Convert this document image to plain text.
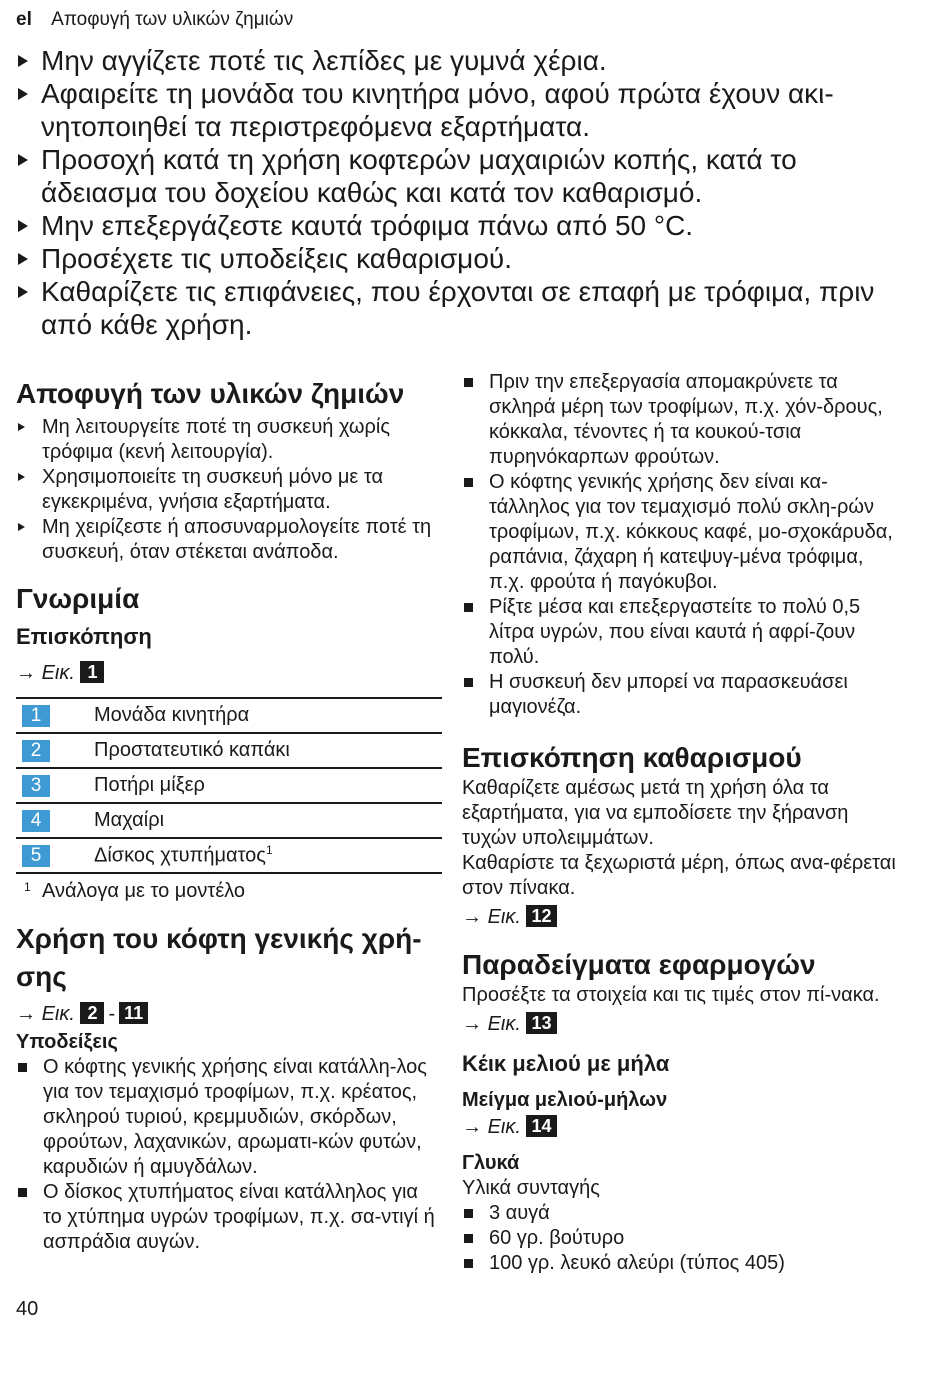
el Αποφυγή των υλικών ζημιών
Μην αγγίζετε ποτέ τις λεπίδες με γυμνά χέρια.
Αφαιρείτε τη μονάδα του κινητήρα μόνο, αφού πρώτα έχουν ακι-νητοποιηθεί τα περιστρεφόμενα εξαρτήματα.
Προσοχή κατά τη χρήση κοφτερών μαχαιριών κοπής, κατά το άδειασμα του δοχείου καθώς και κατά τον καθαρισμό.
Μην επεξεργάζεστε καυτά τρόφιμα πάνω από 50 °C.
Προσέχετε τις υποδείξεις καθαρισμού.
Καθαρίζετε τις επιφάνειες, που έρχονται σε επαφή με τρόφιμα, πριν από κάθε χρήση.
Αποφυγή των υλικών ζημιών
Μη λειτουργείτε ποτέ τη συσκευή χωρίς τρόφιμα (κενή λειτουργία).
Χρησιμοποιείτε τη συσκευή μόνο με τα εγκεκριμένα, γνήσια εξαρτήματα.
Μη χειρίζεστε ή αποσυναρμολογείτε ποτέ τη συσκευή, όταν στέκεται ανάποδα.
Γνωριμία
Επισκόπηση
→ Εικ. 1
1	Μονάδα κινητήρα
2	Προστατευτικό καπάκι
3	Ποτήρι μίξερ
4	Μαχαίρι
5	Δίσκος χτυπήματος$^1$
1 Ανάλογα με το μοντέλο
Χρήση του κόφτη γενικής χρή-σης
→ Εικ. 2 - 11
Υποδείξεις
Ο κόφτης γενικής χρήσης είναι κατάλλη-λος για τον τεμαχισμό τροφίμων, π.χ. κρέατος, σκληρού τυριού, κρεμμυδιών, σκόρδων, φρούτων, λαχανικών, αρωματι-κών φυτών, καρυδιών ή αμυγδάλων.
Ο δίσκος χτυπήματος είναι κατάλληλος για το χτύπημα υγρών τροφίμων, π.χ. σα-ντιγί ή ασπράδια αυγών.
Πριν την επεξεργασία απομακρύνετε τα σκληρά μέρη των τροφίμων, π.χ. χόν-δρους, κόκκαλα, τένοντες ή τα κουκού-τσια πυρηνόκαρπων φρούτων.
Ο κόφτης γενικής χρήσης δεν είναι κα-τάλληλος για τον τεμαχισμό πολύ σκλη-ρών τροφίμων, π.χ. κόκκους καφέ, μο-σχοκάρυδα, ραπάνια, ζάχαρη ή κατεψυγ-μένα τρόφιμα, π.χ. φρούτα ή παγόκυβοι.
Ρίξτε μέσα και επεξεργαστείτε το πολύ 0,5 λίτρα υγρών, που είναι καυτά ή αφρί-ζουν πολύ.
Η συσκευή δεν μπορεί να παρασκευάσει μαγιονέζα.
Επισκόπηση καθαρισμού

Καθαρίζετε αμέσως μετά τη χρήση όλα τα εξαρτήματα, για να εμποδίσετε την ξήρανση τυχών υπολειμμάτων.

Καθαρίστε τα ξεχωριστά μέρη, όπως ανα-φέρεται στον πίνακα.

→ Εικ. 12
Παραδείγματα εφαρμογών

Προσέξτε τα στοιχεία και τις τιμές στον πί-νακα.

→ Εικ. 13
Κέικ μελιού με μήλα
Μείγμα μελιού-μήλων
→ Εικ. 14
Γλυκά

Υλικά συνταγής

3 αυγά
60 γρ. βούτυρο
100 γρ. λευκό αλεύρι (τύπος 405)
40
